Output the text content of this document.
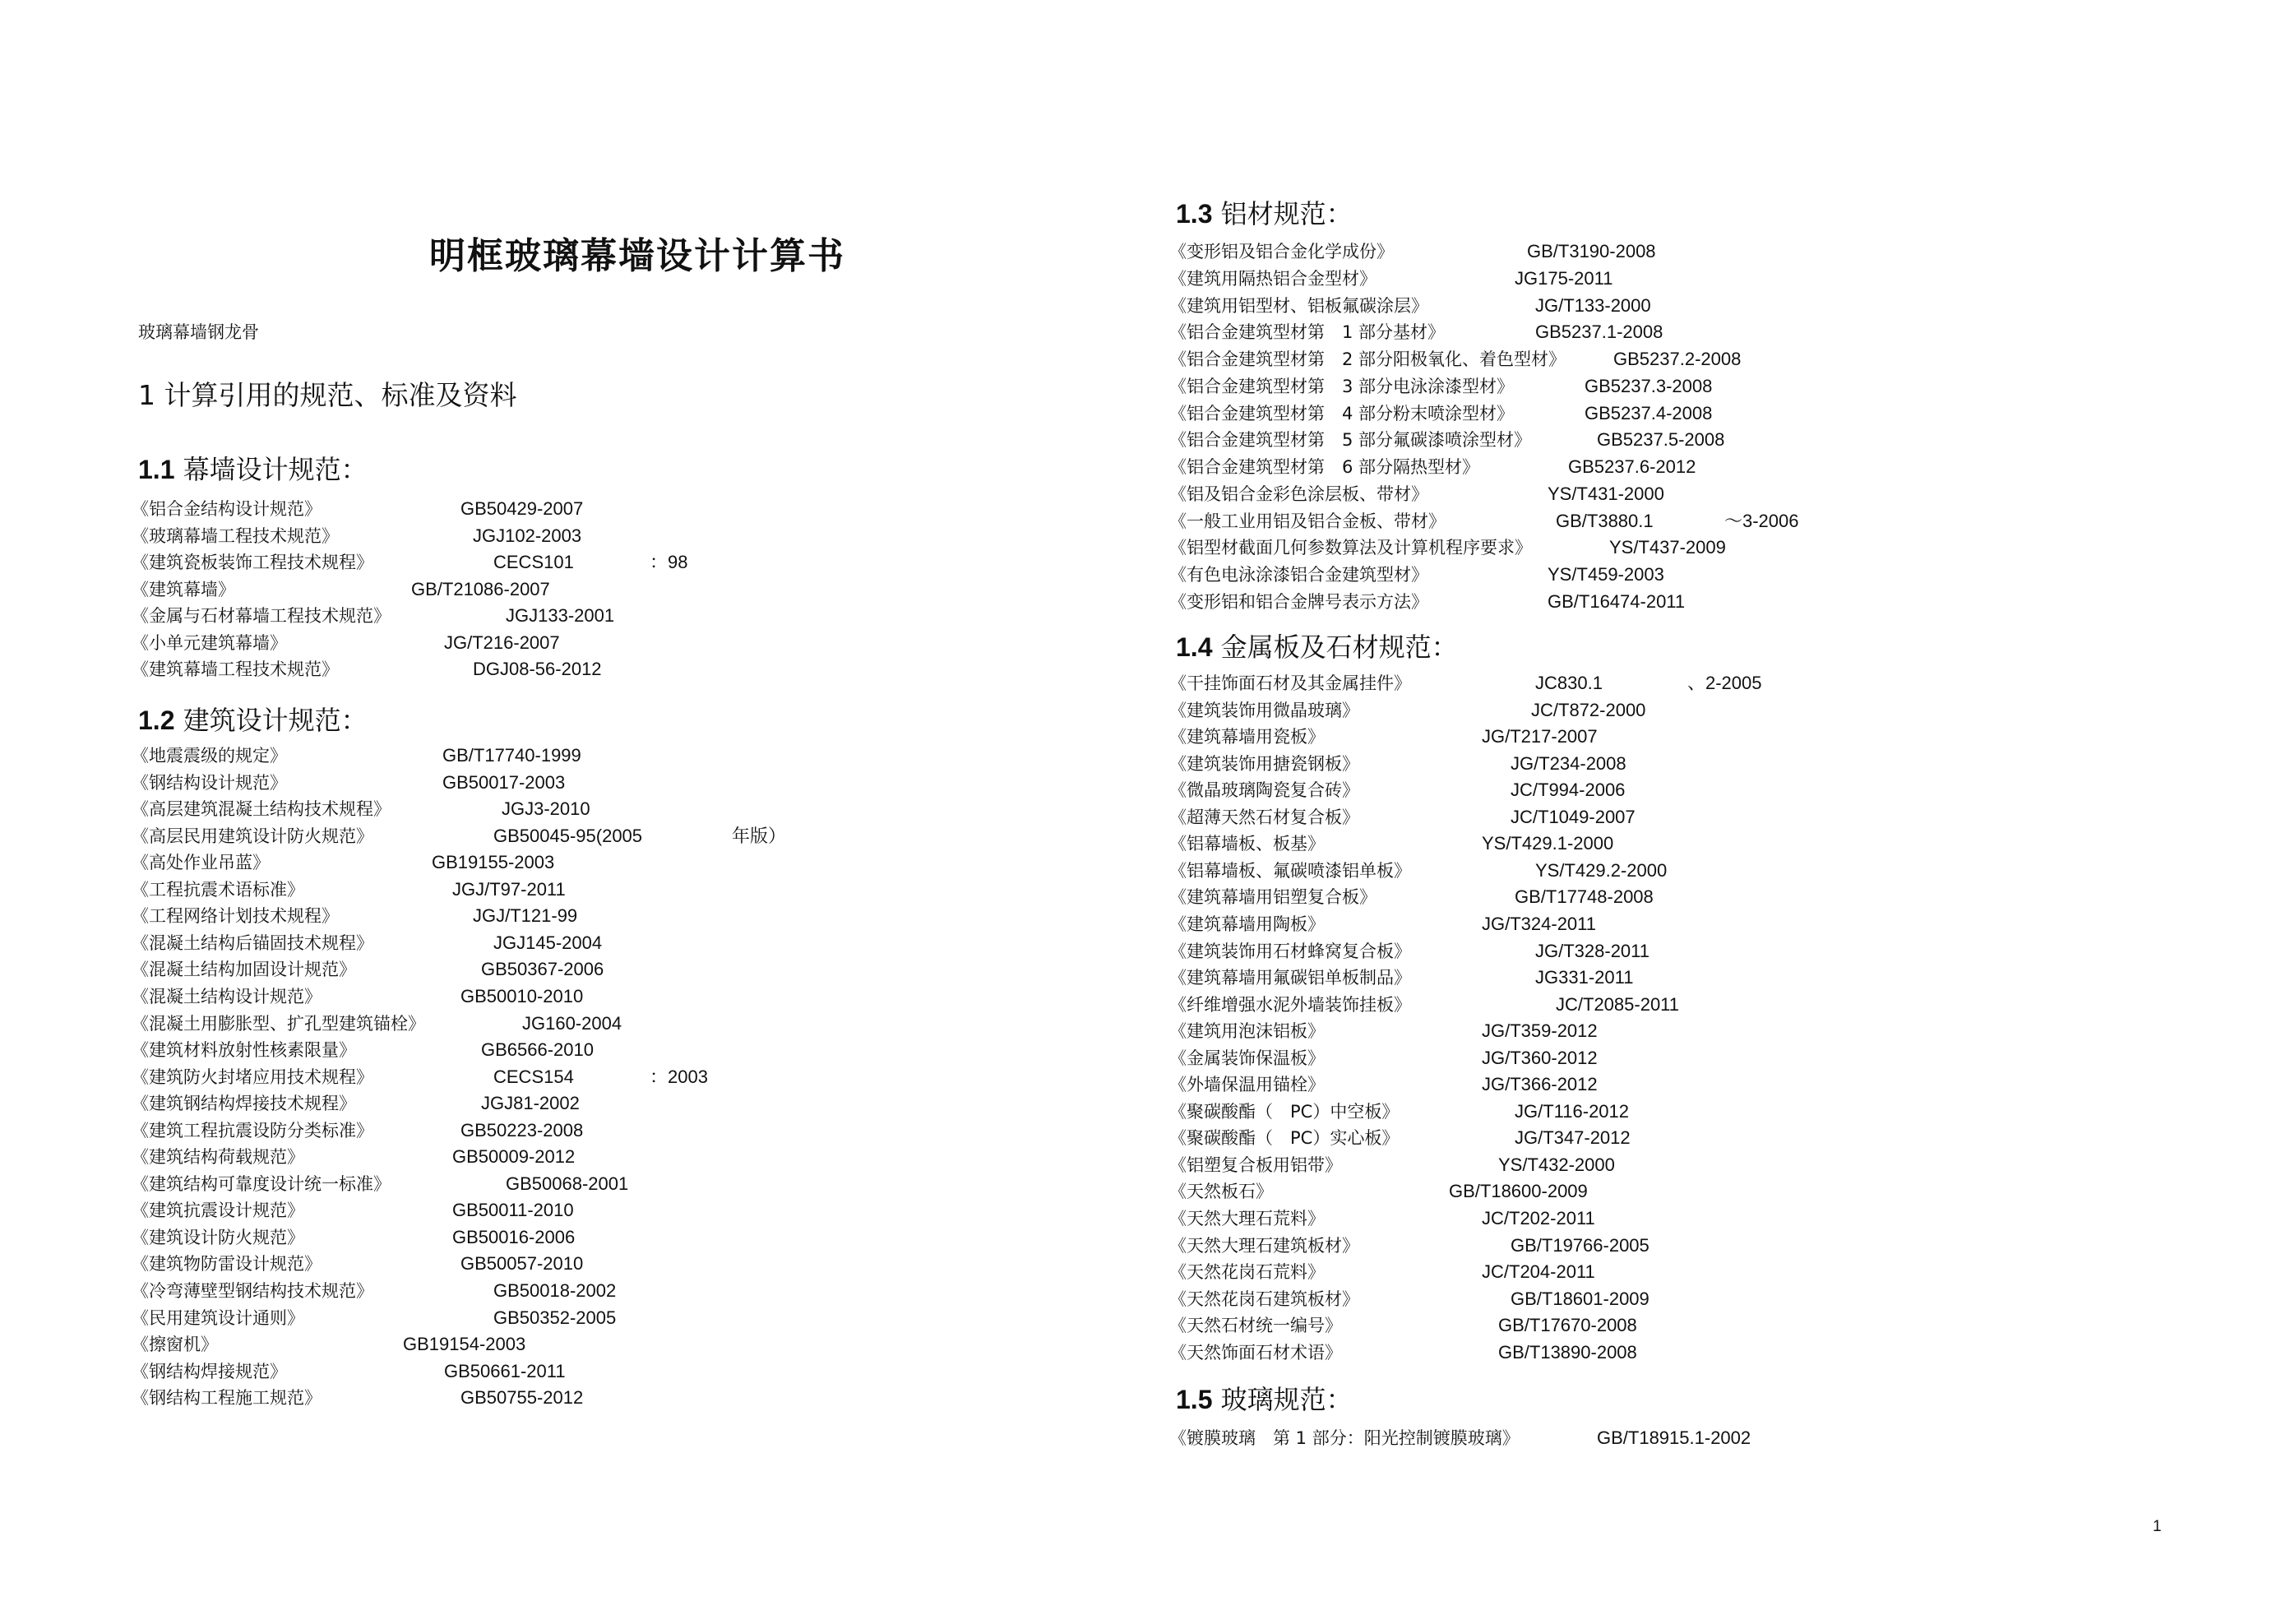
明框玻璃幕墙设计计算书
玻璃幕墙钢龙骨
1 计算引用的规范、标准及资料
1.1 幕墙设计规范：
《铝合金结构设计规范》	GB50429-2007
《玻璃幕墙工程技术规范》	JGJ102-2003
《建筑瓷板装饰工程技术规程》	CECS101	：98
《建筑幕墙》	GB/T21086-2007
《金属与石材幕墙工程技术规范》	JGJ133-2001
《小单元建筑幕墙》	JG/T216-2007
《建筑幕墙工程技术规范》	DGJ08-56-2012
1.2 建筑设计规范：
《地震震级的规定》	GB/T17740-1999
《钢结构设计规范》	GB50017-2003
《高层建筑混凝土结构技术规程》	JGJ3-2010
《高层民用建筑设计防火规范》	GB50045-95(2005	年版）
《高处作业吊蓝》	GB19155-2003
《工程抗震术语标准》	JGJ/T97-2011
《工程网络计划技术规程》	JGJ/T121-99
《混凝土结构后锚固技术规程》	JGJ145-2004
《混凝土结构加固设计规范》	GB50367-2006
《混凝土结构设计规范》	GB50010-2010
《混凝土用膨胀型、扩孔型建筑锚栓》	JG160-2004
《建筑材料放射性核素限量》	GB6566-2010
《建筑防火封堵应用技术规程》	CECS154	：2003
《建筑钢结构焊接技术规程》	JGJ81-2002
《建筑工程抗震设防分类标准》	GB50223-2008
《建筑结构荷载规范》	GB50009-2012
《建筑结构可靠度设计统一标准》	GB50068-2001
《建筑抗震设计规范》	GB50011-2010
《建筑设计防火规范》	GB50016-2006
《建筑物防雷设计规范》	GB50057-2010
《冷弯薄壁型钢结构技术规范》	GB50018-2002
《民用建筑设计通则》	GB50352-2005
《擦窗机》	GB19154-2003
《钢结构焊接规范》	GB50661-2011
《钢结构工程施工规范》	GB50755-2012
1.3 铝材规范：
《变形铝及铝合金化学成份》	GB/T3190-2008
《建筑用隔热铝合金型材》	JG175-2011
《建筑用铝型材、铝板氟碳涂层》	JG/T133-2000
《铝合金建筑型材第　1 部分基材》	GB5237.1-2008
《铝合金建筑型材第　2 部分阳极氧化、着色型材》	GB5237.2-2008
《铝合金建筑型材第　3 部分电泳涂漆型材》	GB5237.3-2008
《铝合金建筑型材第　4 部分粉末喷涂型材》	GB5237.4-2008
《铝合金建筑型材第　5 部分氟碳漆喷涂型材》	GB5237.5-2008
《铝合金建筑型材第　6 部分隔热型材》	GB5237.6-2012
《铝及铝合金彩色涂层板、带材》	YS/T431-2000
《一般工业用铝及铝合金板、带材》	GB/T3880.1	～3-2006
《铝型材截面几何参数算法及计算机程序要求》	YS/T437-2009
《有色电泳涂漆铝合金建筑型材》	YS/T459-2003
《变形铝和铝合金牌号表示方法》	GB/T16474-2011
1.4 金属板及石材规范：
《干挂饰面石材及其金属挂件》	JC830.1	、2-2005
《建筑装饰用微晶玻璃》	JC/T872-2000
《建筑幕墙用瓷板》	JG/T217-2007
《建筑装饰用搪瓷钢板》	JG/T234-2008
《微晶玻璃陶瓷复合砖》	JC/T994-2006
《超薄天然石材复合板》	JC/T1049-2007
《铝幕墙板、板基》	YS/T429.1-2000
《铝幕墙板、氟碳喷漆铝单板》	YS/T429.2-2000
《建筑幕墙用铝塑复合板》	GB/T17748-2008
《建筑幕墙用陶板》	JG/T324-2011
《建筑装饰用石材蜂窝复合板》	JG/T328-2011
《建筑幕墙用氟碳铝单板制品》	JG331-2011
《纤维增强水泥外墙装饰挂板》	JC/T2085-2011
《建筑用泡沫铝板》	JG/T359-2012
《金属装饰保温板》	JG/T360-2012
《外墙保温用锚栓》	JG/T366-2012
《聚碳酸酯（　PC）中空板》	JG/T116-2012
《聚碳酸酯（　PC）实心板》	JG/T347-2012
《铝塑复合板用铝带》	YS/T432-2000
《天然板石》	GB/T18600-2009
《天然大理石荒料》	JC/T202-2011
《天然大理石建筑板材》	GB/T19766-2005
《天然花岗石荒料》	JC/T204-2011
《天然花岗石建筑板材》	GB/T18601-2009
《天然石材统一编号》	GB/T17670-2008
《天然饰面石材术语》	GB/T13890-2008
1.5 玻璃规范：
《镀膜玻璃　第 1 部分：阳光控制镀膜玻璃》	GB/T18915.1-2002
1
